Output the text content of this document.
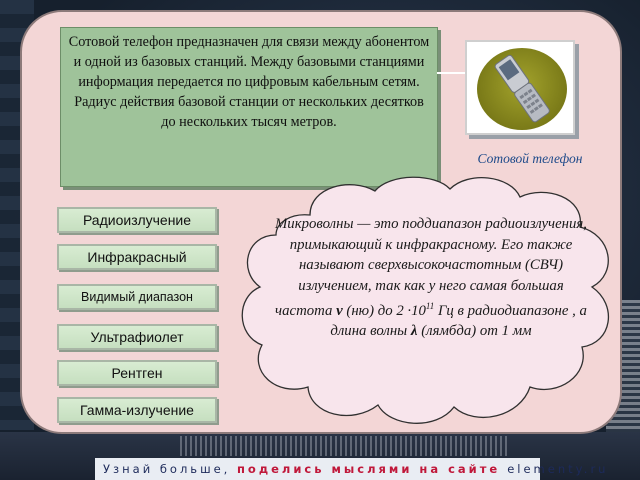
Сотовой телефон предназначен для связи между абонентом и одной из базовых станций. Между базовыми станциями информация передается по цифровым кабельным сетям. Радиус действия базовой станции от нескольких десятков до нескольких тысяч метров.
Сотовой телефон
Радиоизлучение
Инфракрасный
Видимый диапазон
Ультрафиолет
Рентген
Гамма-излучение
Микроволны — это поддиапазон радиоизлучения, примыкающий к инфракрасному. Его также называют сверхвысокочастотным (СВЧ) излучением, так как у него самая большая частота ν (ню) до $2 \cdot 10^{11}$ Гц в радиодиапазоне , а длина волны λ (лямбда) от 1 мм
Узнай больше, поделись мыслями на сайте elementy.ru
